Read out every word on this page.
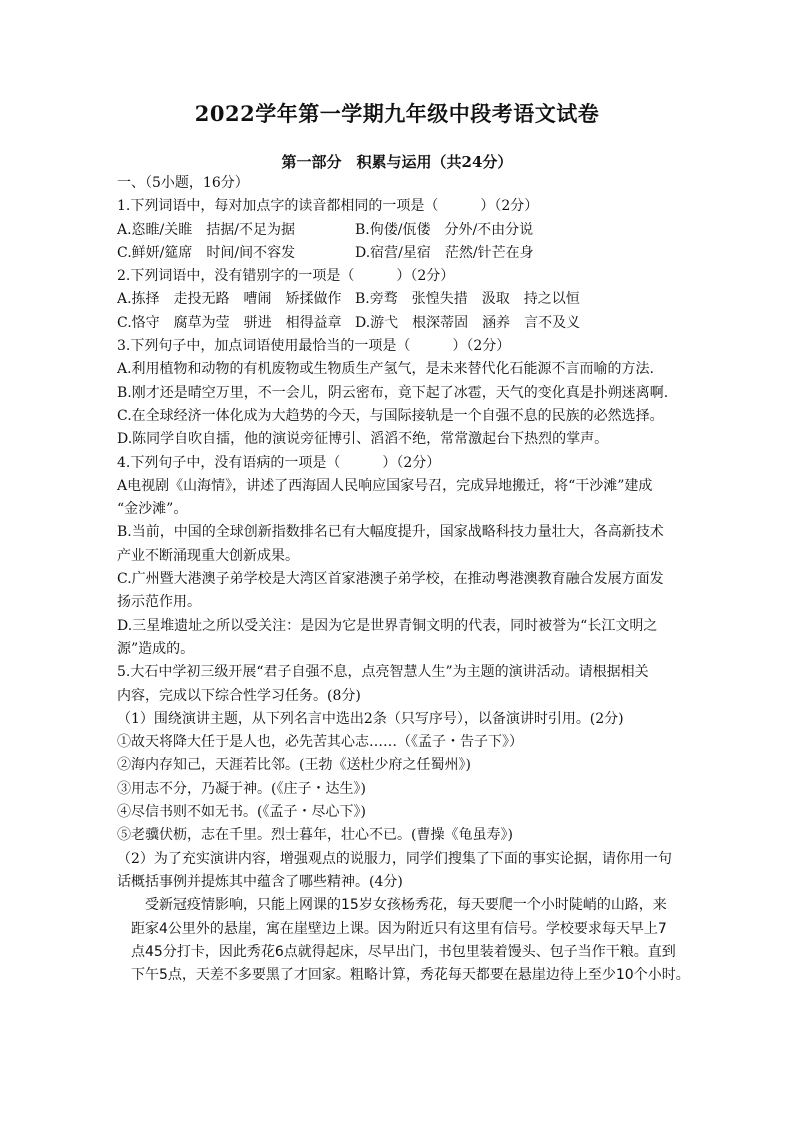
2022学年第一学期九年级中段考语文试卷
第一部分　积累与运用（共24分）

一、（5小题，16分）

1.下列词语中，每对加点字的读音都相同的一项是（　　　）（2分）

A.恣睢/关睢　拮据/不足为据	B.佝偻/佤偻　分外/不由分说

C.鲜妍/筵席　时间/间不容发	D.宿营/星宿　茫然/针芒在身

2.下列词语中，没有错别字的一项是（　　　）（2分）

A.拣择　走投无路　嘈闹　矫揉做作 B.旁骛　张惶失措　汲取　持之以恒

C.恪守　腐草为莹　骈进　相得益章 D.游弋　根深蒂固　涵养　言不及义

3.下列句子中，加点词语使用最恰当的一项是（　　　）（2分）

A.利用植物和动物的有机废物或生物质生产氢气，是未来替代化石能源不言而喻的方法.

B.刚才还是晴空万里，不一会儿，阴云密布，竟下起了冰雹，天气的变化真是扑朔迷离啊.

C.在全球经济一体化成为大趋势的今天，与国际接轨是一个自强不息的民族的必然选择。

D.陈同学自吹自擂，他的演说旁征博引、滔滔不绝，常常激起台下热烈的掌声。

4.下列句子中，没有语病的一项是（　　　）（2分）

A电视剧《山海情》，讲述了西海固人民响应国家号召，完成异地搬迁，将“干沙滩”建成

“金沙滩”。

B.当前，中国的全球创新指数排名已有大幅度提升，国家战略科技力量壮大，各高新技术

产业不断涌现重大创新成果。

C.广州暨大港澳子弟学校是大湾区首家港澳子弟学校，在推动粤港澳教育融合发展方面发

扬示范作用。

D.三星堆遗址之所以受关注：是因为它是世界青铜文明的代表，同时被誉为“长江文明之

源”造成的。

5.大石中学初三级开展“君子自强不息，点亮智慧人生”为主题的演讲活动。请根据相关

内容，完成以下综合性学习任务。(8分)

（1）围绕演讲主题，从下列名言中选出2条（只写序号），以备演讲时引用。(2分)

①故天将降大任于是人也，必先苦其心志……（《孟子・告子下》）

②海内存知己，天涯若比邻。(王勃《送杜少府之任蜀州》)

③用志不分，乃凝于神。(《庄子・达生》)

④尽信书则不如无书。(《孟子・尽心下》)

⑤老骥伏枥，志在千里。烈士暮年，壮心不已。(曹操《龟虽寿》)

（2）为了充实演讲内容，增强观点的说服力，同学们搜集了下面的事实论据，请你用一句

话概括事例并提炼其中蕴含了哪些精神。(4分)

受新冠疫情影响，只能上网课的15岁女孩杨秀花，每天要爬一个小时陡峭的山路，来

距家4公里外的悬崖，寓在崖壁边上课。因为附近只有这里有信号。学校要求每天早上7

点45分打卡，因此秀花6点就得起床，尽早出门，书包里装着馒头、包子当作干粮。直到

下午5点，天差不多要黑了才回家。粗略计算，秀花每天都要在悬崖边待上至少10个小时。
